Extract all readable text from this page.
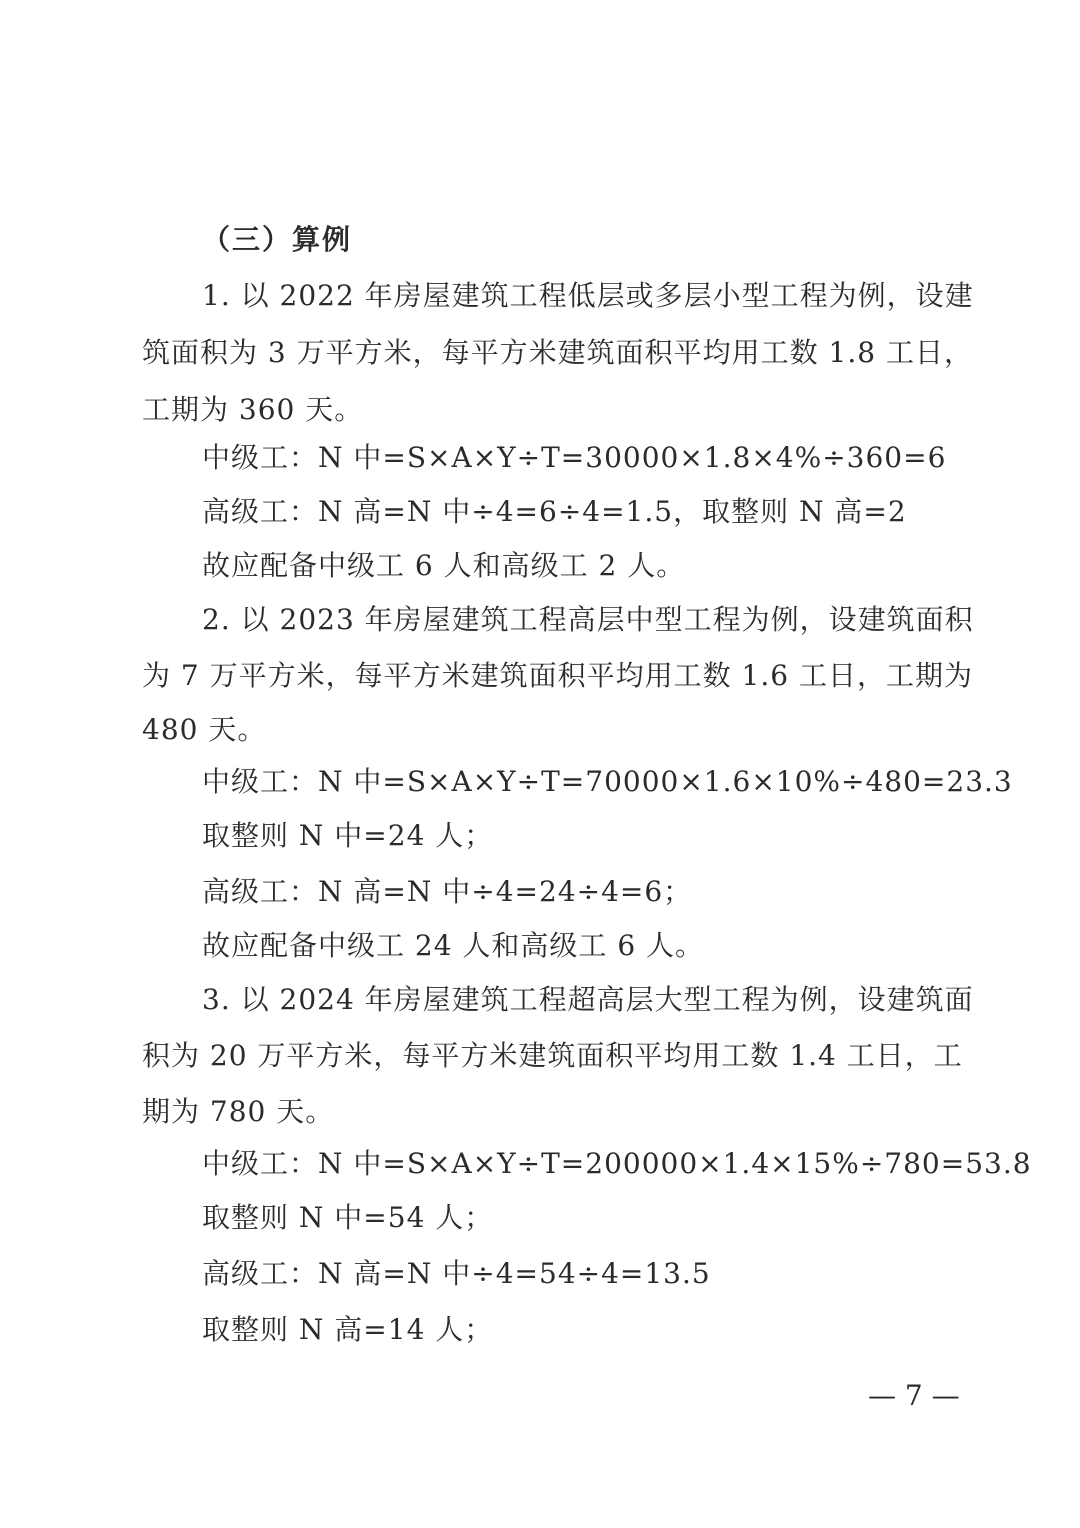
（三）算例
1. 以 2022 年房屋建筑工程低层或多层小型工程为例，设建
筑面积为 3 万平方米，每平方米建筑面积平均用工数 1.8 工日，
工期为 360 天。
中级工：N 中=S×A×Y÷T=30000×1.8×4%÷360=6
高级工：N 高=N 中÷4=6÷4=1.5，取整则 N 高=2
故应配备中级工 6 人和高级工 2 人。
2. 以 2023 年房屋建筑工程高层中型工程为例，设建筑面积
为 7 万平方米，每平方米建筑面积平均用工数 1.6 工日，工期为
480 天。
中级工：N 中=S×A×Y÷T=70000×1.6×10%÷480=23.3
取整则 N 中=24 人；
高级工：N 高=N 中÷4=24÷4=6；
故应配备中级工 24 人和高级工 6 人。
3. 以 2024 年房屋建筑工程超高层大型工程为例，设建筑面
积为 20 万平方米，每平方米建筑面积平均用工数 1.4 工日，工
期为 780 天。
中级工：N 中=S×A×Y÷T=200000×1.4×15%÷780=53.8
取整则 N 中=54 人；
高级工：N 高=N 中÷4=54÷4=13.5
取整则 N 高=14 人；
— 7 —
